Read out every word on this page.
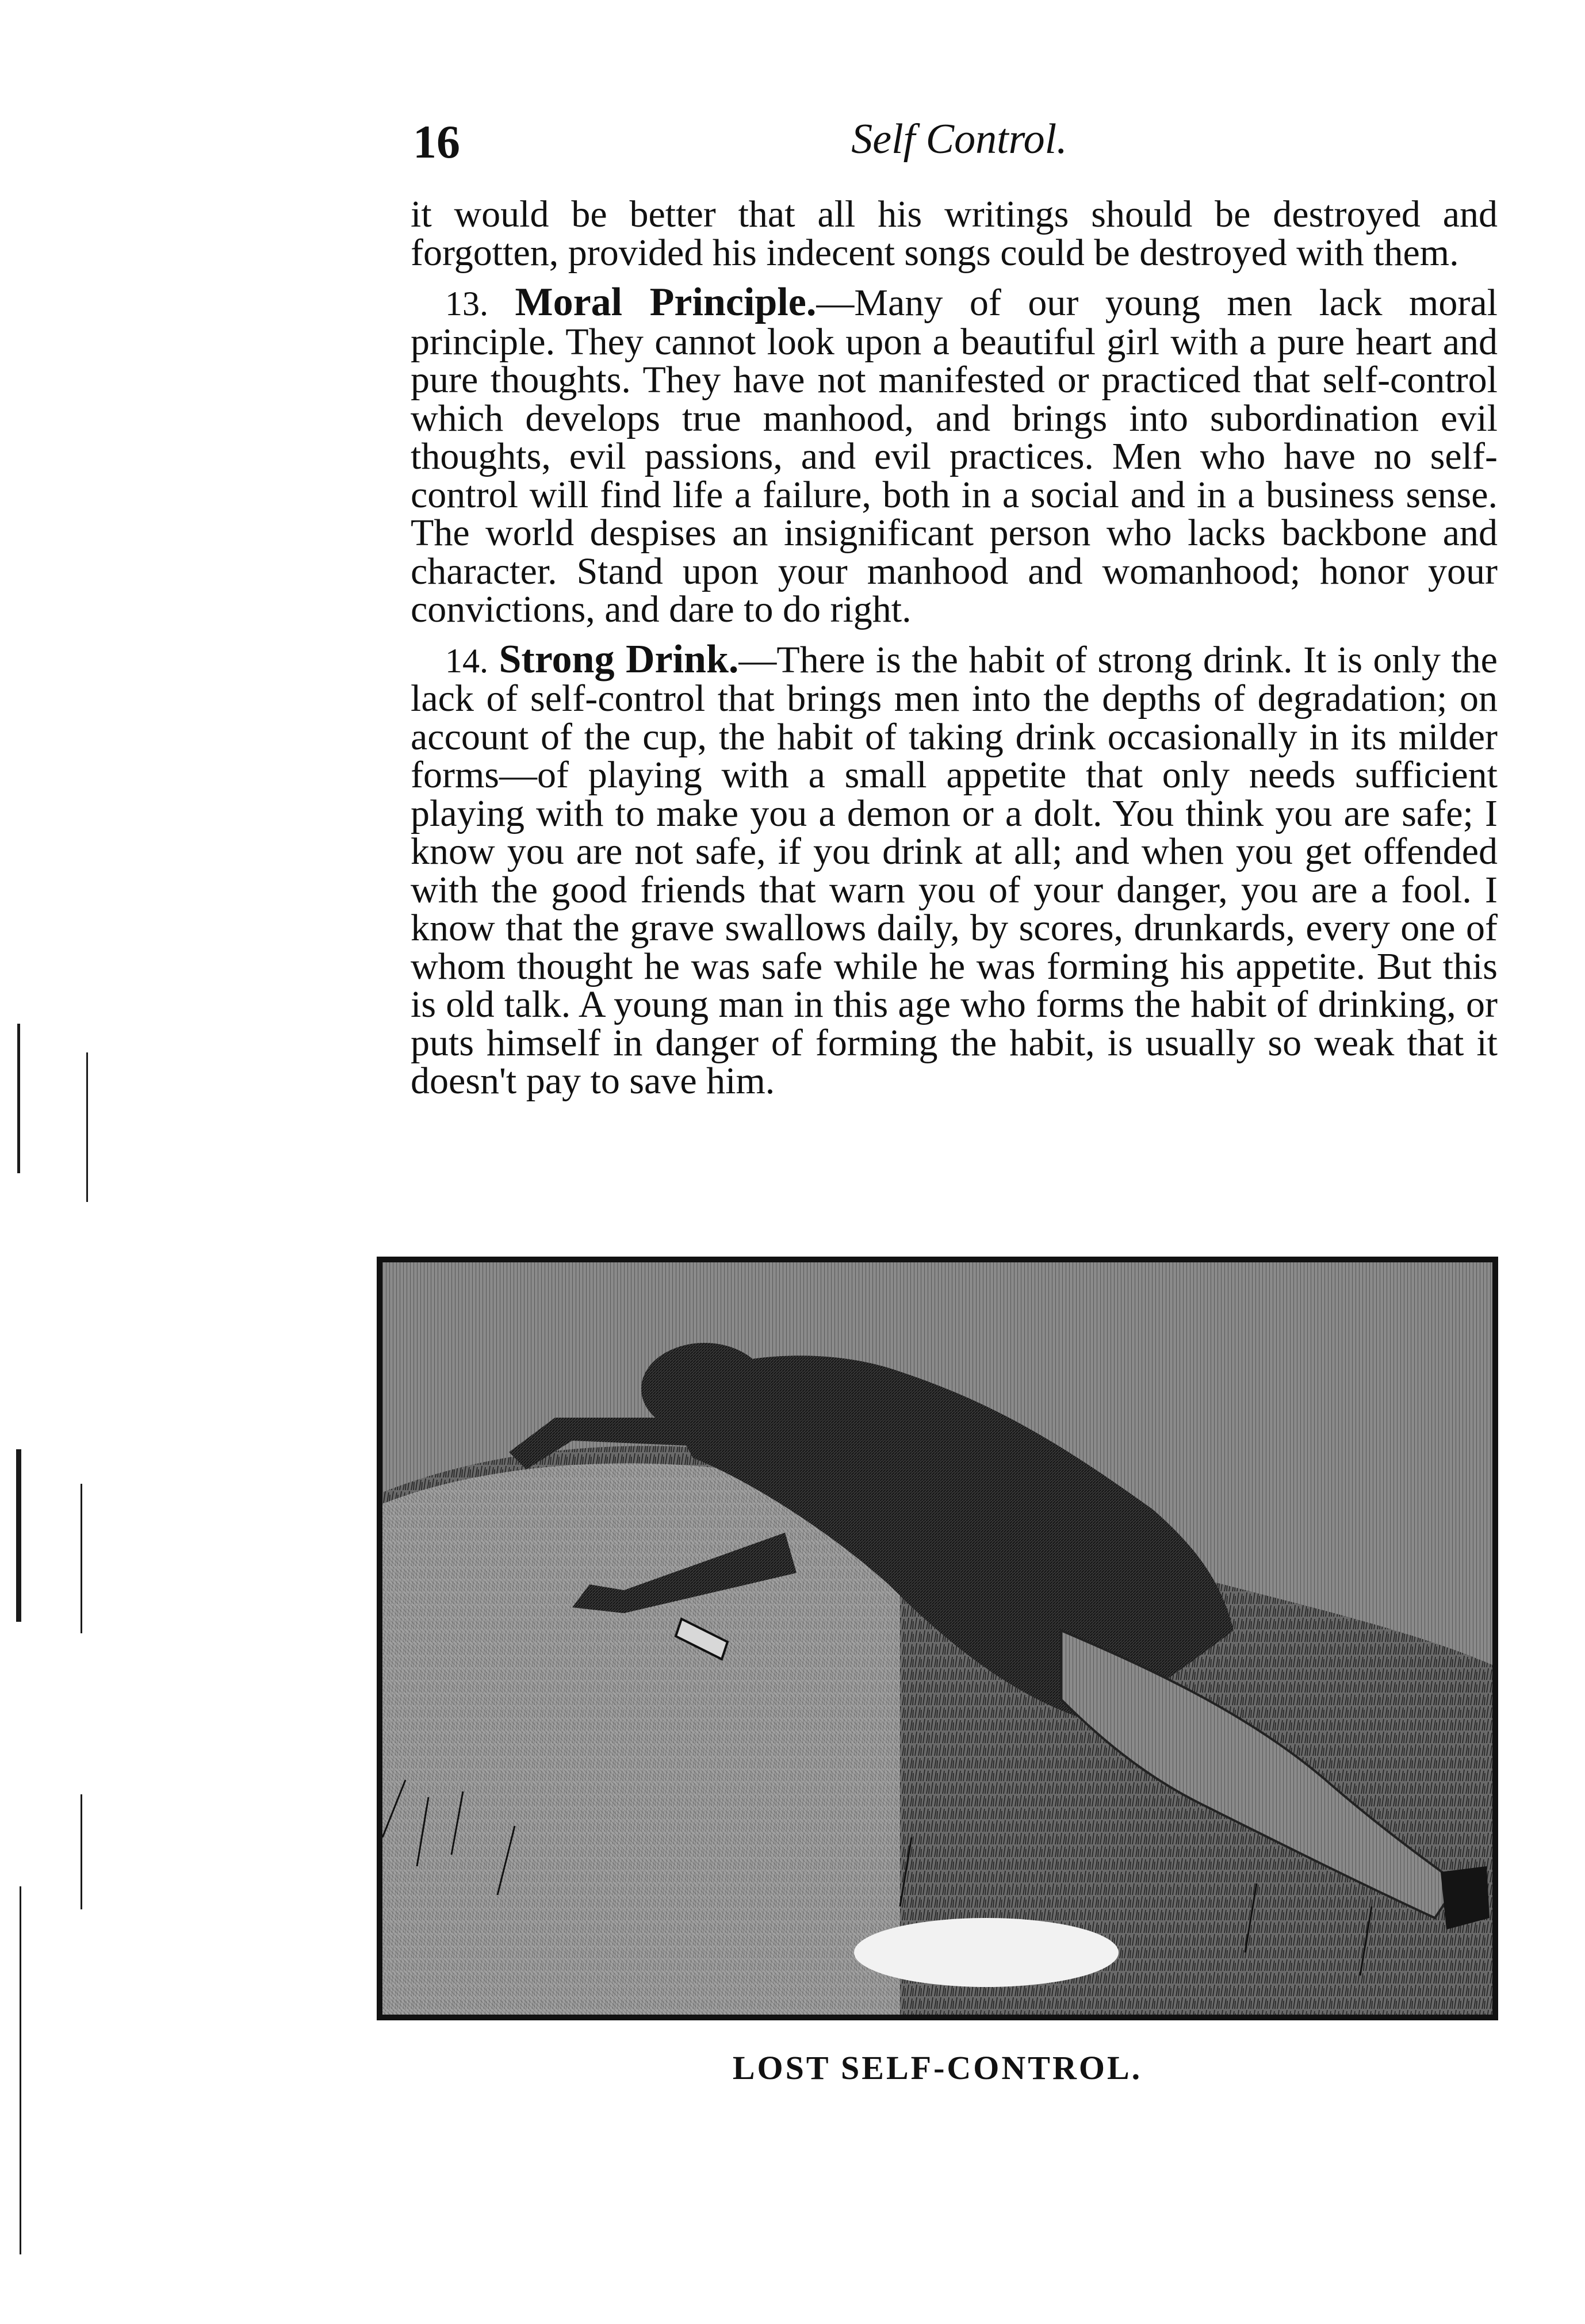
16	Self Control.

it would be better that all his writings should be destroyed and forgotten, provided his indecent songs could be destroyed with them.

13. Moral Principle.—Many of our young men lack moral principle. They cannot look upon a beautiful girl with a pure heart and pure thoughts. They have not manifested or practiced that self-control which develops true manhood, and brings into subordination evil thoughts, evil passions, and evil practices. Men who have no self-control will find life a failure, both in a social and in a business sense. The world despises an insignificant person who lacks backbone and character. Stand upon your manhood and womanhood; honor your convictions, and dare to do right.

14. Strong Drink.—There is the habit of strong drink. It is only the lack of self-control that brings men into the depths of degradation; on account of the cup, the habit of taking drink occasionally in its milder forms—of playing with a small appetite that only needs sufficient playing with to make you a demon or a dolt. You think you are safe; I know you are not safe, if you drink at all; and when you get offended with the good friends that warn you of your danger, you are a fool. I know that the grave swallows daily, by scores, drunkards, every one of whom thought he was safe while he was forming his appetite. But this is old talk. A young man in this age who forms the habit of drinking, or puts himself in danger of forming the habit, is usually so weak that it doesn't pay to save him.

LOST SELF-CONTROL.
